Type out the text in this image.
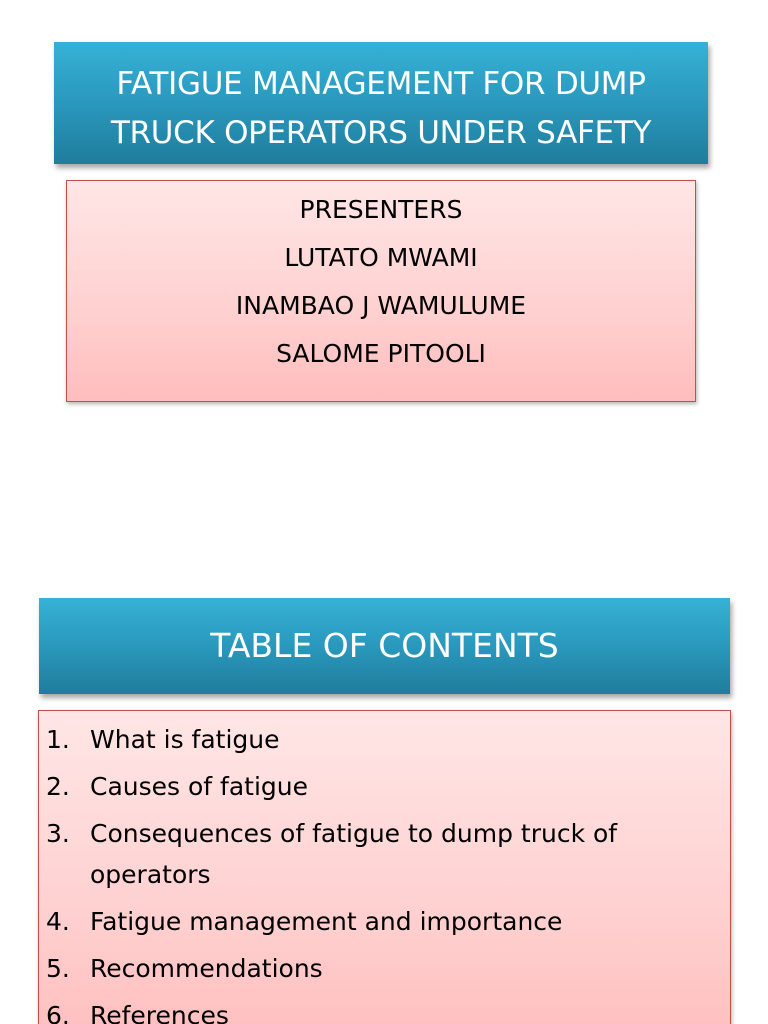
FATIGUE MANAGEMENT FOR DUMP
TRUCK OPERATORS UNDER SAFETY
PRESENTERS
LUTATO MWAMI
INAMBAO J WAMULUME
SALOME PITOOLI
TABLE OF CONTENTS
1. What is fatigue
2. Causes of fatigue
3. Consequences of fatigue to dump truck of operators
4. Fatigue management and importance
5. Recommendations
6. References
